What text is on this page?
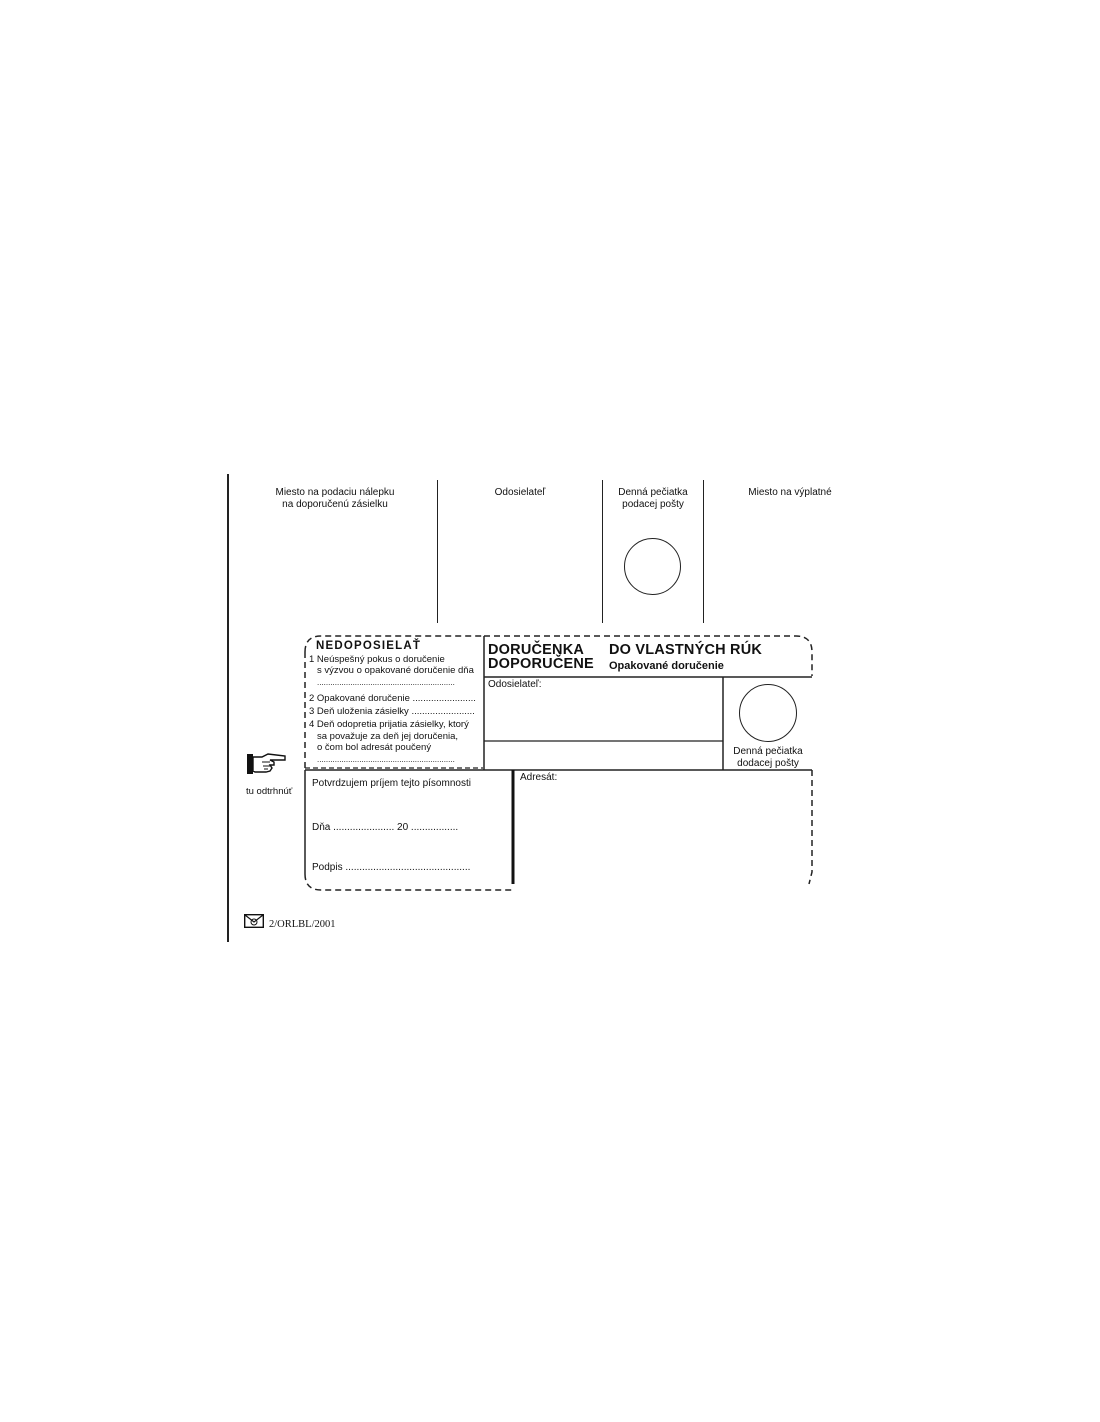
Miesto na podaciu nálepku
na doporučenú zásielku
Odosielateľ	Denná pečiatka
podacej pošty
Miesto na výplatné
NEDOPOSIELAŤ
1 Neúspešný pokus o doručenie
s výzvou o opakované doručenie dňa
..............................................................
2 Opakované doručenie ........................
3 Deň uloženia zásielky ........................
4 Deň odopretia prijatia zásielky, ktorý
sa považuje za deň jej doručenia,
o čom bol adresát poučený
..............................................................
DORUČENKA
DOPORUČENE
DO VLASTNÝCH RÚK
Opakované doručenie
Odosielateľ:
Denná pečiatka
dodacej pošty
Potvrdzujem príjem tejto písomnosti
Dňa ...................... 20 .................
Podpis .............................................
Adresát:
tu odtrhnúť
2/ORLBL/2001
